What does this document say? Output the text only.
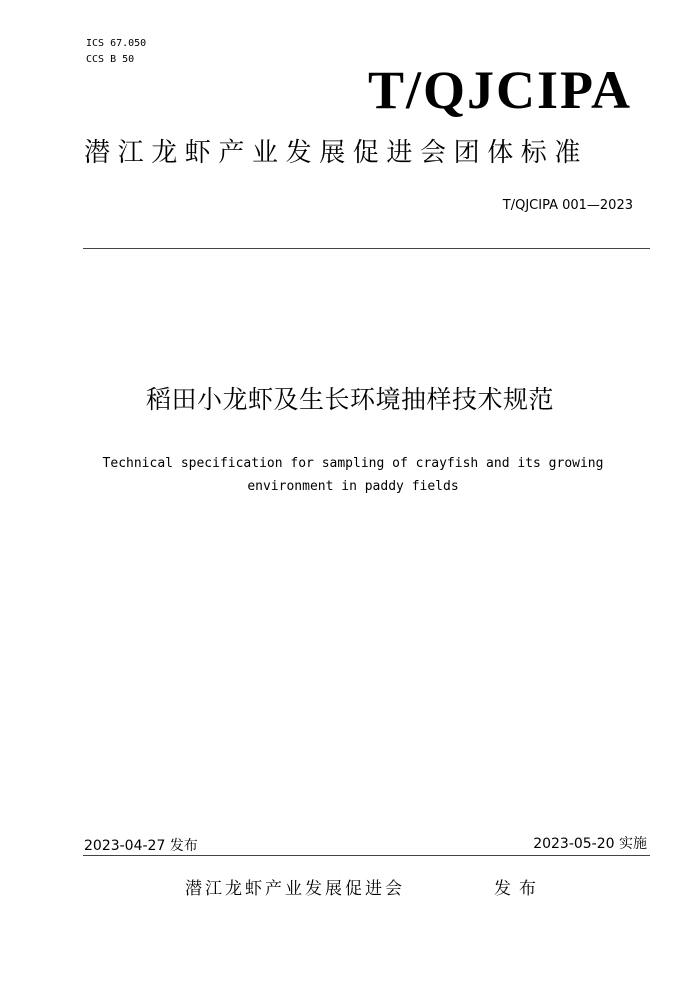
ICS 67.050
CCS B 50
T/QJCIPA
潜江龙虾产业发展促进会团体标准
T/QJCIPA 001—2023
稻田小龙虾及生长环境抽样技术规范
Technical specification for sampling of crayfish and its growing
environment in paddy fields
2023-04-27 发布	2023-05-20 实施
潜江龙虾产业发展促进会	发布
